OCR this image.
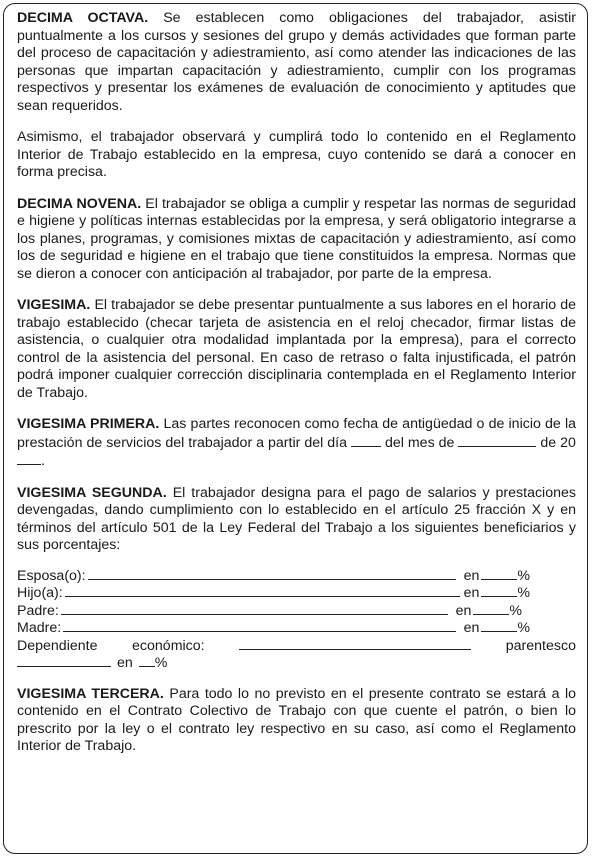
DECIMA OCTAVA. Se establecen como obligaciones del trabajador, asistir puntualmente a los cursos y sesiones del grupo y demás actividades que forman parte del proceso de capacitación y adiestramiento, así como atender las indicaciones de las personas que impartan capacitación y adiestramiento, cumplir con los programas respectivos y presentar los exámenes de evaluación de conocimiento y aptitudes que sean requeridos.

Asimismo, el trabajador observará y cumplirá todo lo contenido en el Reglamento Interior de Trabajo establecido en la empresa, cuyo contenido se dará a conocer en forma precisa.

DECIMA NOVENA. El trabajador se obliga a cumplir y respetar las normas de seguridad e higiene y políticas internas establecidas por la empresa, y será obligatorio integrarse a los planes, programas, y comisiones mixtas de capacitación y adiestramiento, así como los de seguridad e higiene en el trabajo que tiene constituidos la empresa. Normas que se dieron a conocer con anticipación al trabajador, por parte de la empresa.

VIGESIMA. El trabajador se debe presentar puntualmente a sus labores en el horario de trabajo establecido (checar tarjeta de asistencia en el reloj checador, firmar listas de asistencia, o cualquier otra modalidad implantada por la empresa), para el correcto control de la asistencia del personal. En caso de retraso o falta injustificada, el patrón podrá imponer cualquier corrección disciplinaria contemplada en el Reglamento Interior de Trabajo.

VIGESIMA PRIMERA. Las partes reconocen como fecha de antigüedad o de inicio de la prestación de servicios del trabajador a partir del día	del mes de	de 20.

VIGESIMA SEGUNDA. El trabajador designa para el pago de salarios y prestaciones devengadas, dando cumplimiento con lo establecido en el artículo 25 fracción X y en términos del artículo 501 de la Ley Federal del Trabajo a los siguientes beneficiarios y sus porcentajes:

Esposa(o):	en	%
Hijo(a):	en	%
Padre:	en	%
Madre:	en	%
Dependiente económico:	parentesco
en %

VIGESIMA TERCERA. Para todo lo no previsto en el presente contrato se estará a lo contenido en el Contrato Colectivo de Trabajo con que cuente el patrón, o bien lo prescrito por la ley o el contrato ley respectivo en su caso, así como el Reglamento Interior de Trabajo.
